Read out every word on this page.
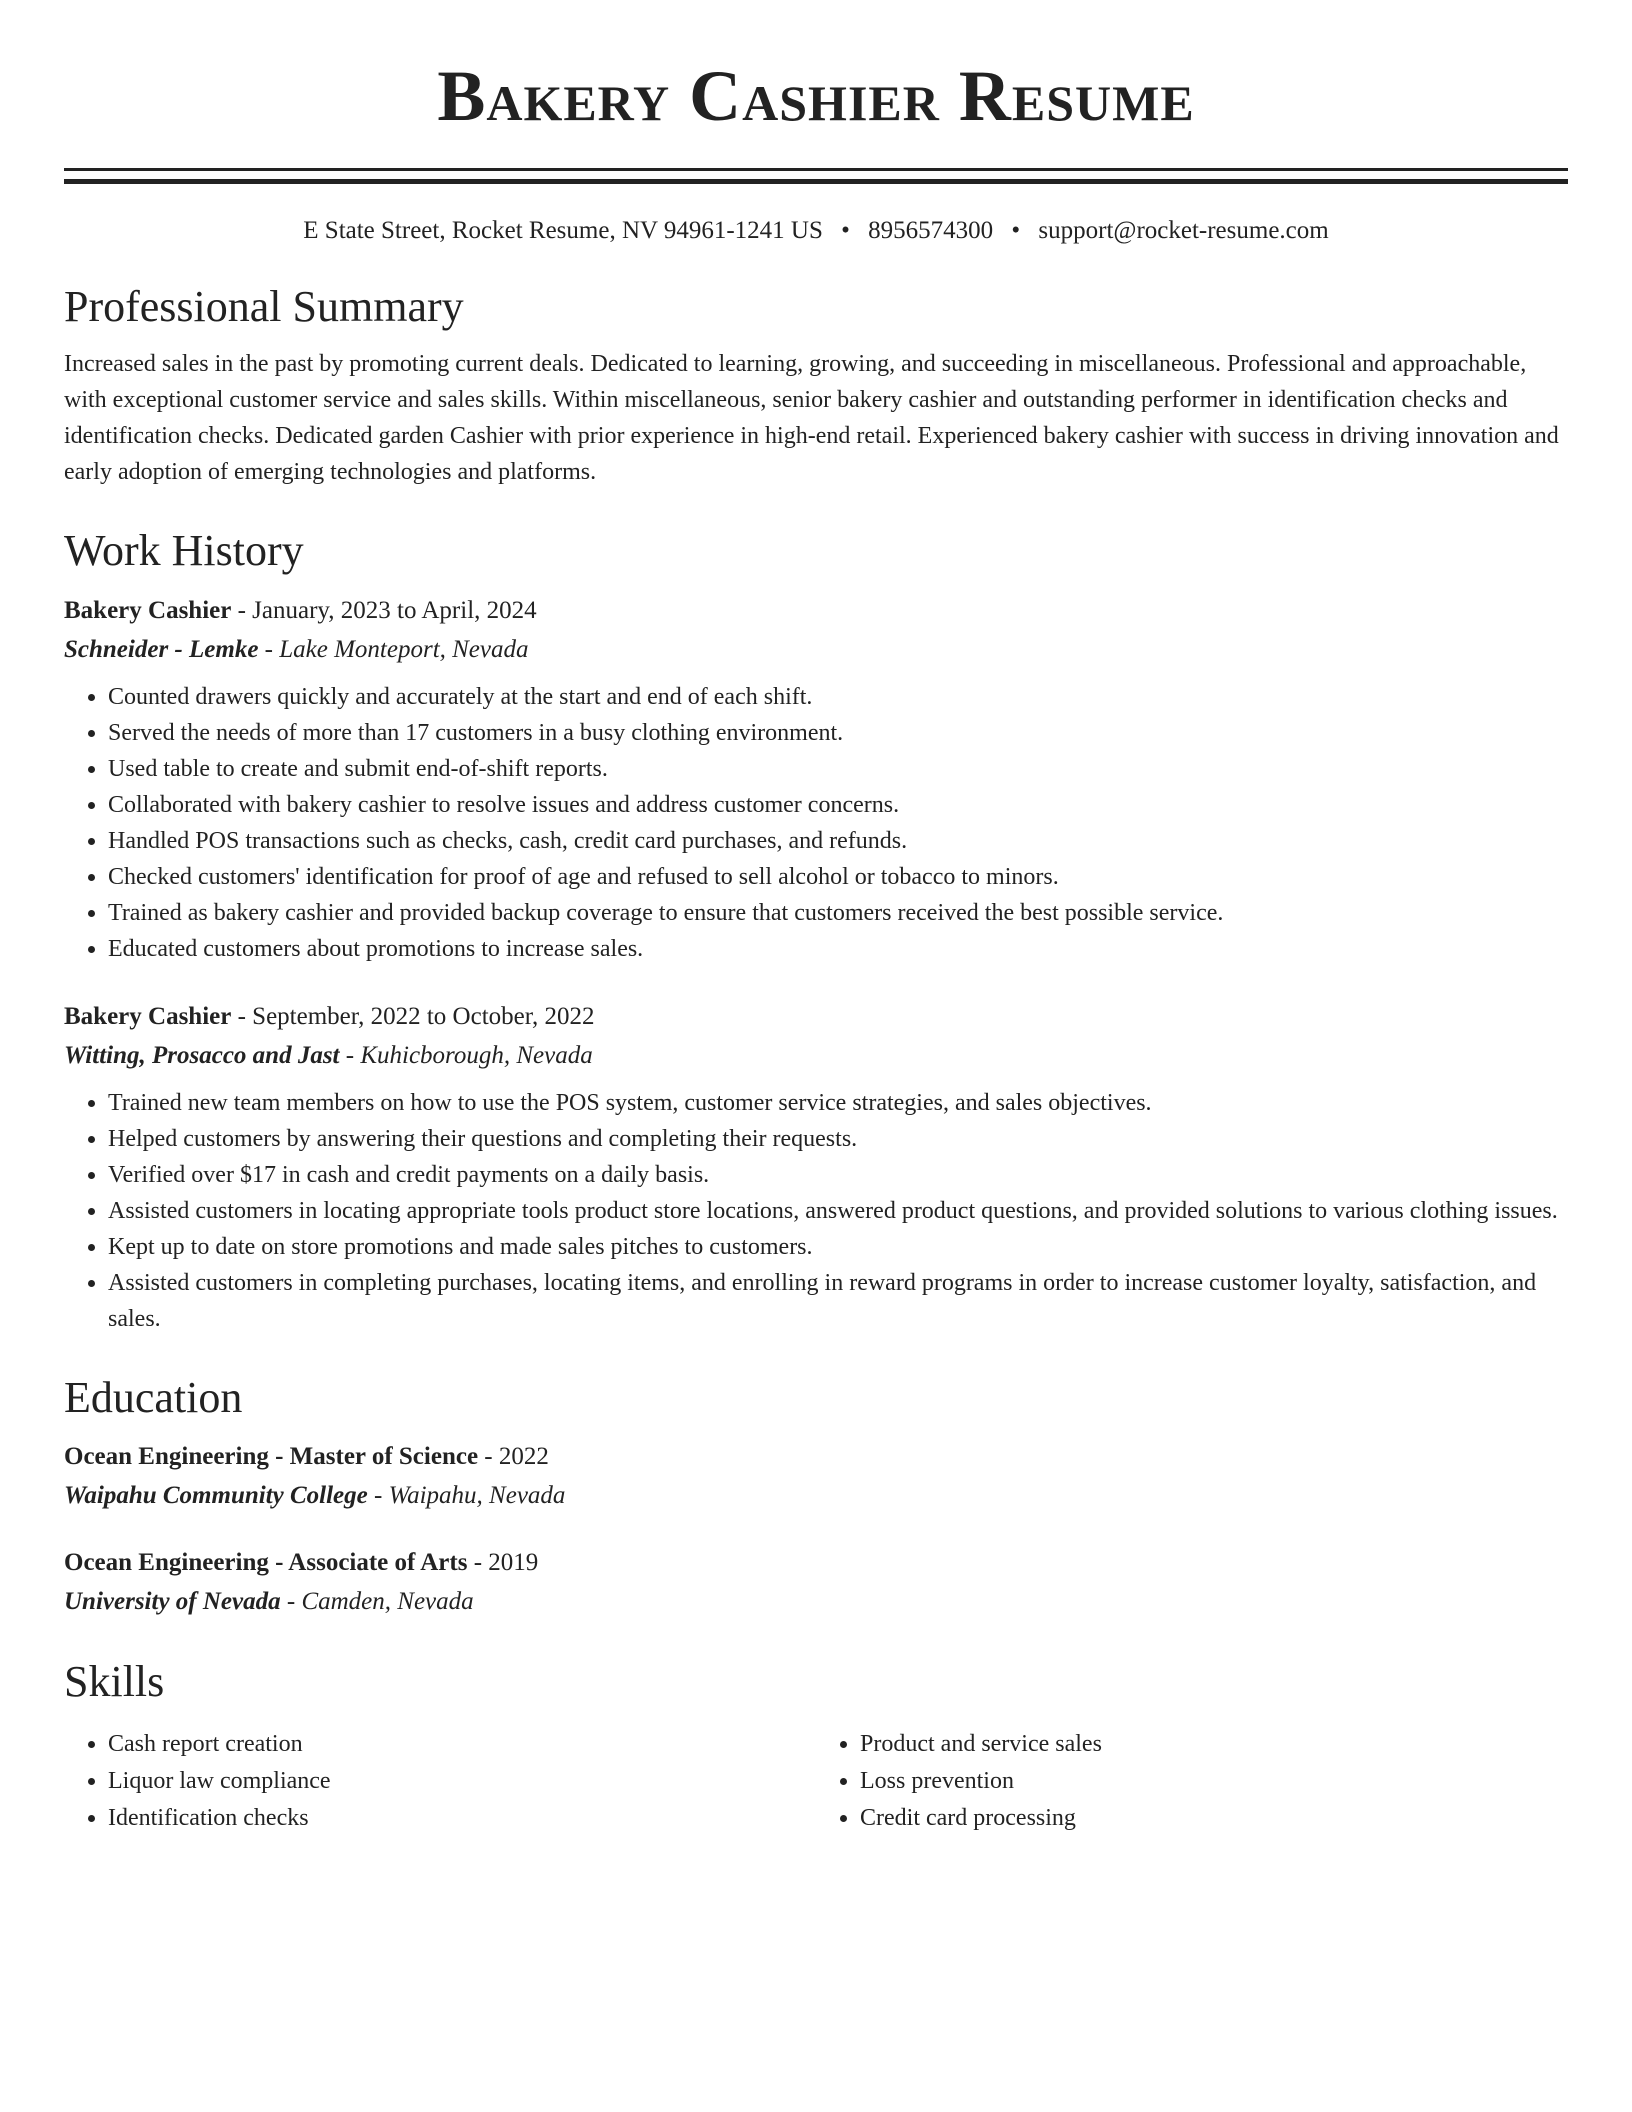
Bakery Cashier Resume
E State Street, Rocket Resume, NV 94961-1241 US • 8956574300 • support@rocket-resume.com
Professional Summary

Increased sales in the past by promoting current deals. Dedicated to learning, growing, and succeeding in miscellaneous. Professional and approachable, with exceptional customer service and sales skills. Within miscellaneous, senior bakery cashier and outstanding performer in identification checks and identification checks. Dedicated garden Cashier with prior experience in high-end retail. Experienced bakery cashier with success in driving innovation and early adoption of emerging technologies and platforms.

Work History
Bakery Cashier - January, 2023 to April, 2024
Schneider - Lemke - Lake Monteport, Nevada
• Counted drawers quickly and accurately at the start and end of each shift.
• Served the needs of more than 17 customers in a busy clothing environment.
• Used table to create and submit end-of-shift reports.
• Collaborated with bakery cashier to resolve issues and address customer concerns.
• Handled POS transactions such as checks, cash, credit card purchases, and refunds.
• Checked customers' identification for proof of age and refused to sell alcohol or tobacco to minors.
• Trained as bakery cashier and provided backup coverage to ensure that customers received the best possible service.
• Educated customers about promotions to increase sales.
Bakery Cashier - September, 2022 to October, 2022
Witting, Prosacco and Jast - Kuhicborough, Nevada
• Trained new team members on how to use the POS system, customer service strategies, and sales objectives.
• Helped customers by answering their questions and completing their requests.
• Verified over $17 in cash and credit payments on a daily basis.
• Assisted customers in locating appropriate tools product store locations, answered product questions, and provided solutions to various clothing issues.
• Kept up to date on store promotions and made sales pitches to customers.
• Assisted customers in completing purchases, locating items, and enrolling in reward programs in order to increase customer loyalty, satisfaction, and sales.
Education
Ocean Engineering - Master of Science - 2022
Waipahu Community College - Waipahu, Nevada
Ocean Engineering - Associate of Arts - 2019
University of Nevada - Camden, Nevada
Skills
• Cash report creation
• Liquor law compliance
• Identification checks
• Product and service sales
• Loss prevention
• Credit card processing
